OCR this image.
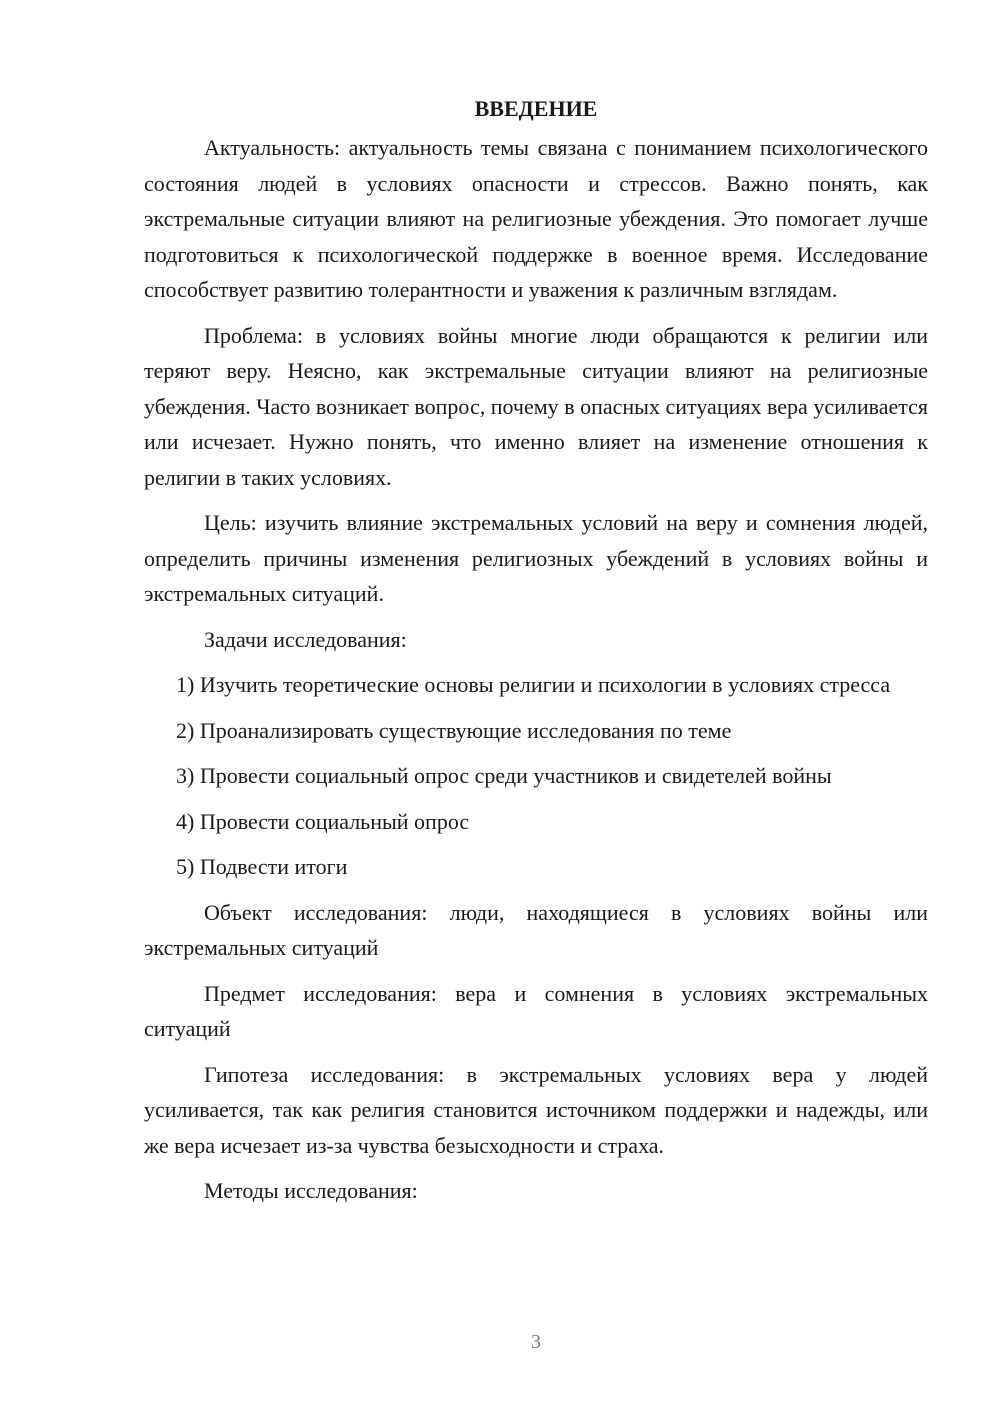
ВВЕДЕНИЕ

Актуальность: актуальность темы связана с пониманием психологического состояния людей в условиях опасности и стрессов. Важно понять, как экстремальные ситуации влияют на религиозные убеждения. Это помогает лучше подготовиться к психологической поддержке в военное время. Исследование способствует развитию толерантности и уважения к различным взглядам.

Проблема: в условиях войны многие люди обращаются к религии или теряют веру. Неясно, как экстремальные ситуации влияют на религиозные убеждения. Часто возникает вопрос, почему в опасных ситуациях вера усиливается или исчезает. Нужно понять, что именно влияет на изменение отношения к религии в таких условиях.

Цель: изучить влияние экстремальных условий на веру и сомнения людей, определить причины изменения религиозных убеждений в условиях войны и экстремальных ситуаций.

Задачи исследования:

1) Изучить теоретические основы религии и психологии в условиях стресса

2) Проанализировать существующие исследования по теме

3) Провести социальный опрос среди участников и свидетелей войны

4) Провести социальный опрос

5) Подвести итоги

Объект исследования: люди, находящиеся в условиях войны или экстремальных ситуаций

Предмет исследования: вера и сомнения в условиях экстремальных ситуаций

Гипотеза исследования: в экстремальных условиях вера у людей усиливается, так как религия становится источником поддержки и надежды, или же вера исчезает из-за чувства безысходности и страха.

Методы исследования:

3
